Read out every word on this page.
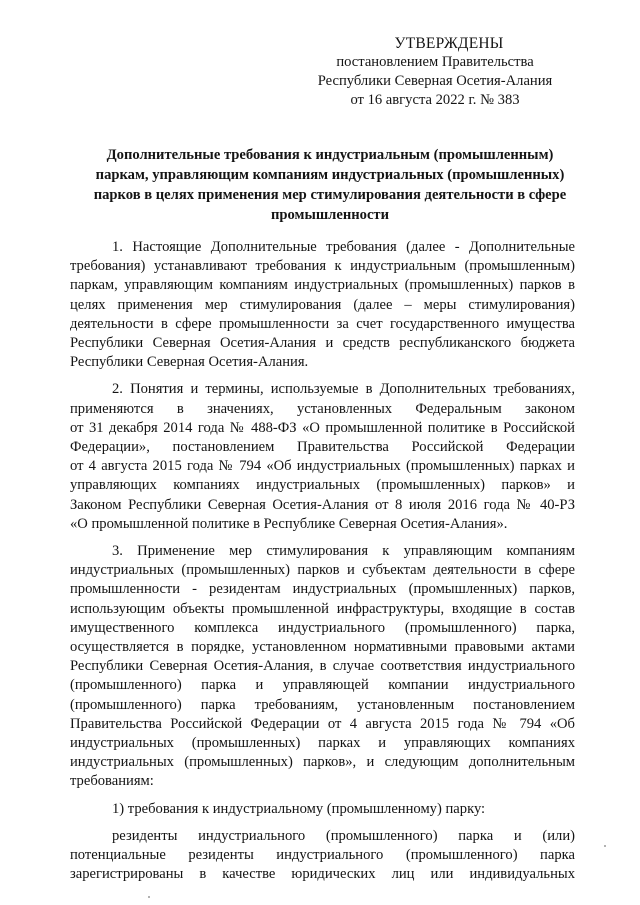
УТВЕРЖДЕНЫ
постановлением Правительства
Республики Северная Осетия-Алания
от 16 августа 2022 г. № 383
Дополнительные требования к индустриальным (промышленным)
паркам, управляющим компаниям индустриальных (промышленных)
парков в целях применения мер стимулирования деятельности в сфере
промышленности
1. Настоящие Дополнительные требования (далее - Дополнительные
требования) устанавливают требования к индустриальным (промышленным)
паркам, управляющим компаниям индустриальных (промышленных) парков в
целях применения мер стимулирования (далее – меры стимулирования)
деятельности в сфере промышленности за счет государственного имущества
Республики Северная Осетия-Алания и средств республиканского бюджета
Республики Северная Осетия-Алания.
2. Понятия и термины, используемые в Дополнительных требованиях,
применяются в значениях, установленных Федеральным законом
от 31 декабря 2014 года № 488-ФЗ «О промышленной политике в Российской
Федерации», постановлением Правительства Российской Федерации
от 4 августа 2015 года № 794 «Об индустриальных (промышленных) парках и
управляющих компаниях индустриальных (промышленных) парков» и
Законом Республики Северная Осетия-Алания от 8 июля 2016 года № 40-РЗ
«О промышленной политике в Республике Северная Осетия-Алания».
3. Применение мер стимулирования к управляющим компаниям
индустриальных (промышленных) парков и субъектам деятельности в сфере
промышленности - резидентам индустриальных (промышленных) парков,
использующим объекты промышленной инфраструктуры, входящие в состав
имущественного комплекса индустриального (промышленного) парка,
осуществляется в порядке, установленном нормативными правовыми актами
Республики Северная Осетия-Алания, в случае соответствия индустриального
(промышленного) парка и управляющей компании индустриального
(промышленного) парка требованиям, установленным постановлением
Правительства Российской Федерации от 4 августа 2015 года № 794 «Об
индустриальных (промышленных) парках и управляющих компаниях
индустриальных (промышленных) парков», и следующим дополнительным
требованиям:
1) требования к индустриальному (промышленному) парку:
резиденты индустриального (промышленного) парка и (или)
потенциальные резиденты индустриального (промышленного) парка
зарегистрированы в качестве юридических лиц или индивидуальных
